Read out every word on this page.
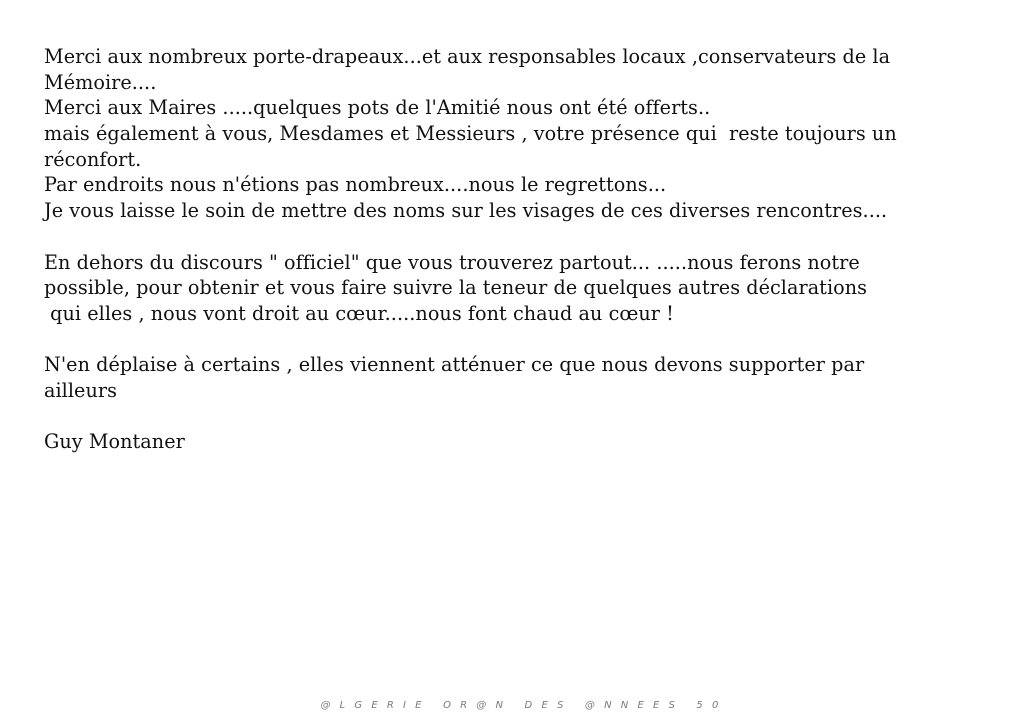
Merci aux nombreux porte-drapeaux...et aux responsables locaux ,conservateurs de la

Mémoire....

Merci aux Maires .....quelques pots de l'Amitié nous ont été offerts..

mais également à vous, Mesdames et Messieurs , votre présence qui  reste toujours un

réconfort.

Par endroits nous n'étions pas nombreux....nous le regrettons...

Je vous laisse le soin de mettre des noms sur les visages de ces diverses rencontres....

En dehors du discours " officiel" que vous trouverez partout... .....nous ferons notre

possible, pour obtenir et vous faire suivre la teneur de quelques autres déclarations

qui elles , nous vont droit au cœur.....nous font chaud au cœur !

N'en déplaise à certains , elles viennent atténuer ce que nous devons supporter par

ailleurs

Guy Montaner

@LGERIE OR@N DES @NNEES 50
